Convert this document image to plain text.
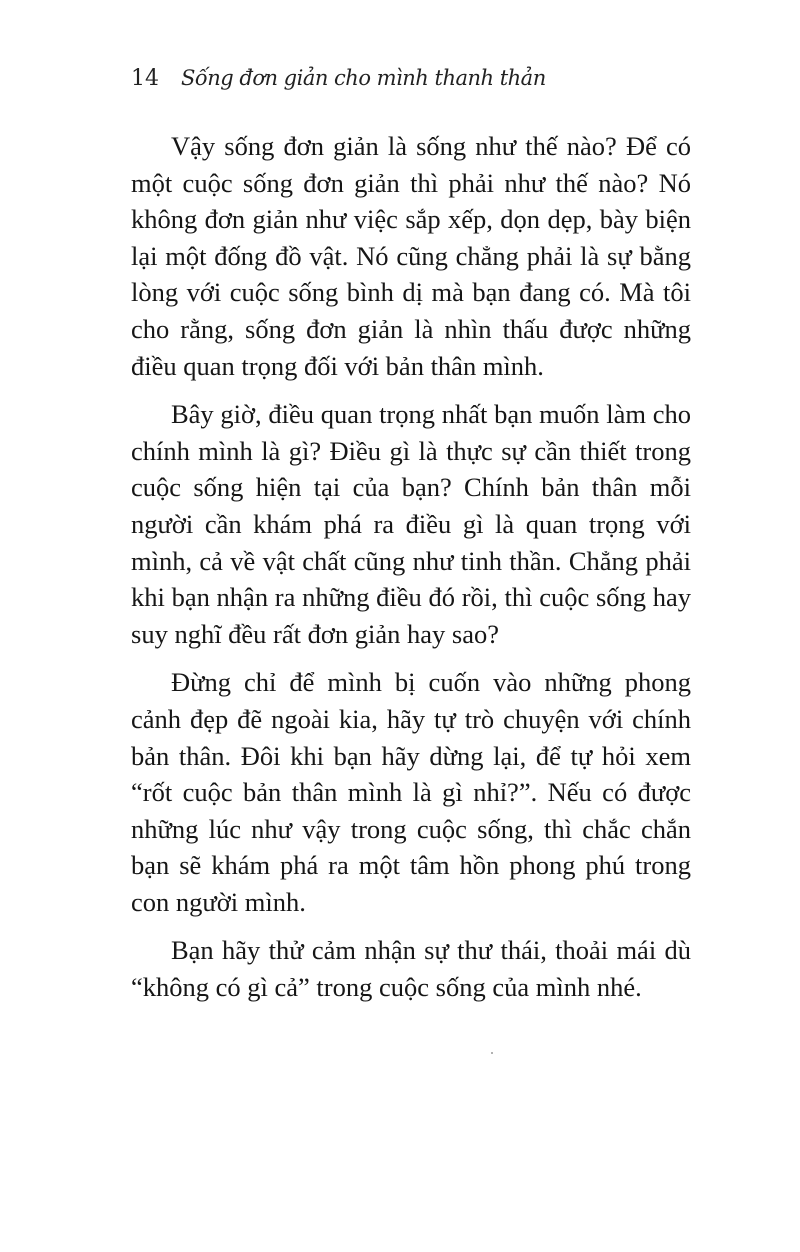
14 Sống đơn giản cho mình thanh thản

Vậy sống đơn giản là sống như thế nào? Để có một cuộc sống đơn giản thì phải như thế nào? Nó không đơn giản như việc sắp xếp, dọn dẹp, bày biện lại một đống đồ vật. Nó cũng chẳng phải là sự bằng lòng với cuộc sống bình dị mà bạn đang có. Mà tôi cho rằng, sống đơn giản là nhìn thấu được những điều quan trọng đối với bản thân mình.

Bây giờ, điều quan trọng nhất bạn muốn làm cho chính mình là gì? Điều gì là thực sự cần thiết trong cuộc sống hiện tại của bạn? Chính bản thân mỗi người cần khám phá ra điều gì là quan trọng với mình, cả về vật chất cũng như tinh thần. Chẳng phải khi bạn nhận ra những điều đó rồi, thì cuộc sống hay suy nghĩ đều rất đơn giản hay sao?

Đừng chỉ để mình bị cuốn vào những phong cảnh đẹp đẽ ngoài kia, hãy tự trò chuyện với chính bản thân. Đôi khi bạn hãy dừng lại, để tự hỏi xem “rốt cuộc bản thân mình là gì nhỉ?”. Nếu có được những lúc như vậy trong cuộc sống, thì chắc chắn bạn sẽ khám phá ra một tâm hồn phong phú trong con người mình.

Bạn hãy thử cảm nhận sự thư thái, thoải mái dù “không có gì cả” trong cuộc sống của mình nhé.
